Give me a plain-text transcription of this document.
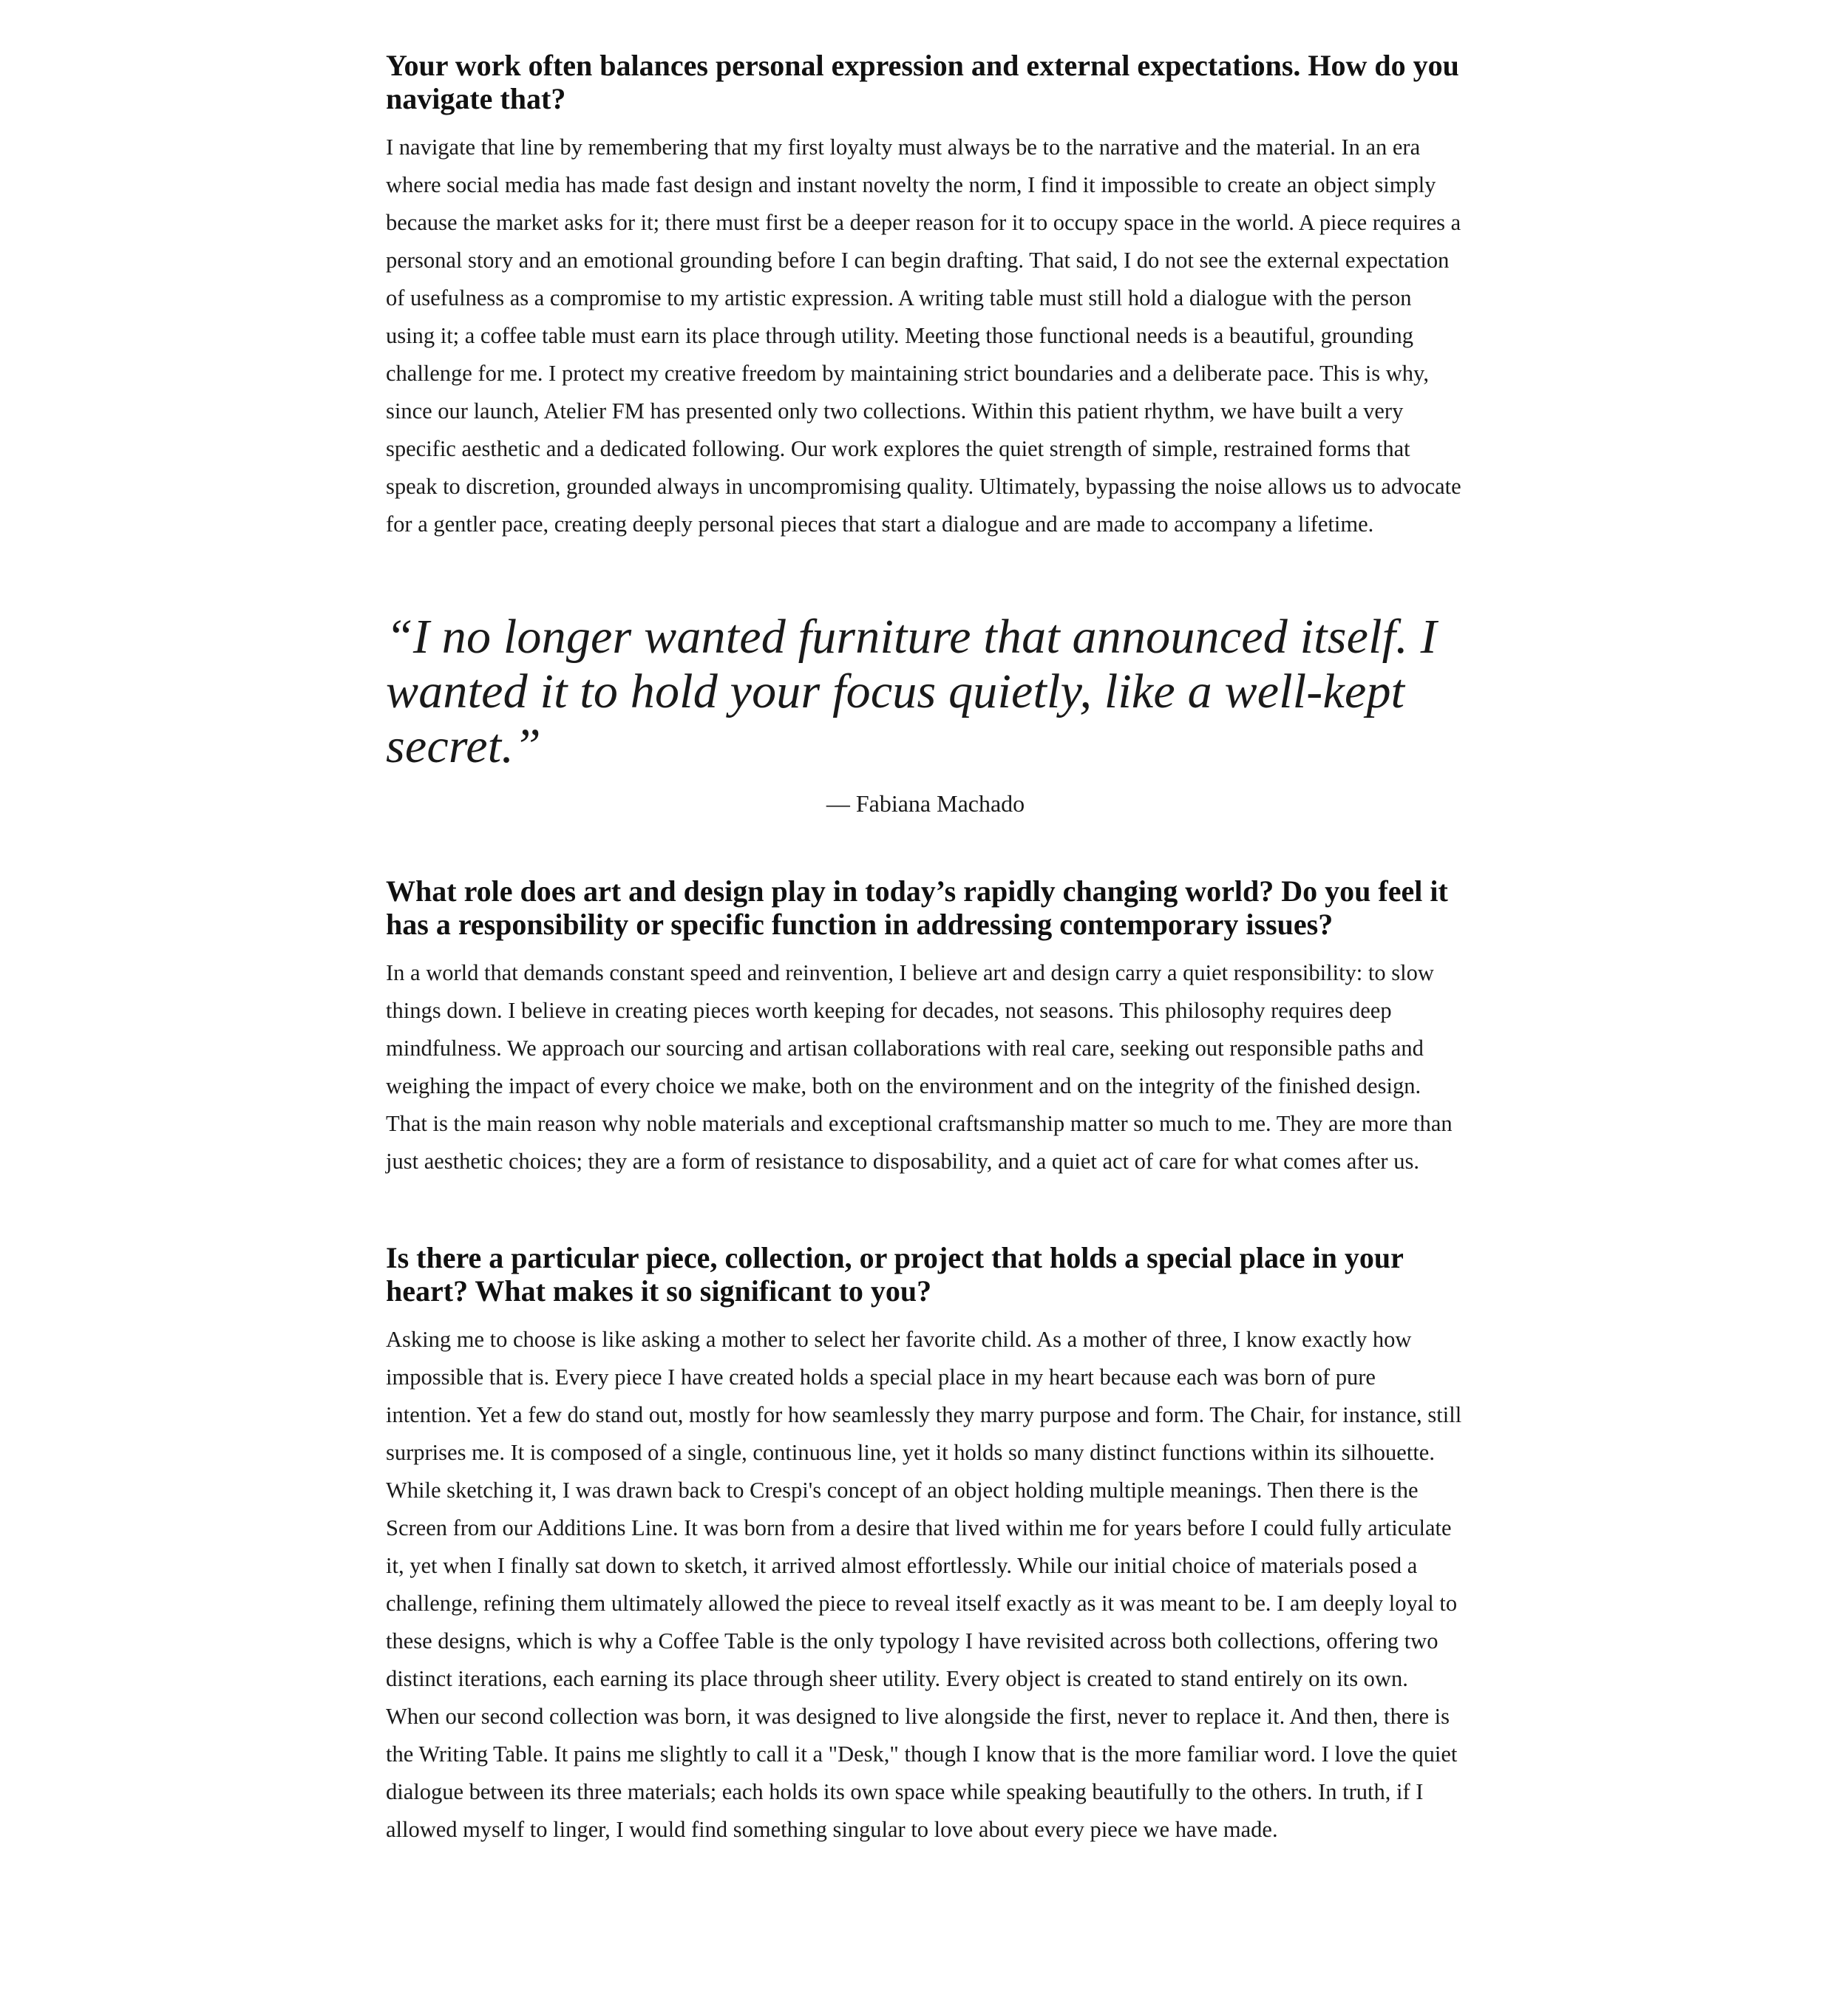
Your work often balances personal expression and external expectations. How do you navigate that?

I navigate that line by remembering that my first loyalty must always be to the narrative and the material. In an era where social media has made fast design and instant novelty the norm, I find it impossible to create an object simply because the market asks for it; there must first be a deeper reason for it to occupy space in the world. A piece requires a personal story and an emotional grounding before I can begin drafting. That said, I do not see the external expectation of usefulness as a compromise to my artistic expression. A writing table must still hold a dialogue with the person using it; a coffee table must earn its place through utility. Meeting those functional needs is a beautiful, grounding challenge for me. I protect my creative freedom by maintaining strict boundaries and a deliberate pace. This is why, since our launch, Atelier FM has presented only two collections. Within this patient rhythm, we have built a very specific aesthetic and a dedicated following. Our work explores the quiet strength of simple, restrained forms that speak to discretion, grounded always in uncompromising quality. Ultimately, bypassing the noise allows us to advocate for a gentler pace, creating deeply personal pieces that start a dialogue and are made to accompany a lifetime.

“I no longer wanted furniture that announced itself. I wanted it to hold your focus quietly, like a well-kept secret.”

— Fabiana Machado

What role does art and design play in today’s rapidly changing world? Do you feel it has a responsibility or specific function in addressing contemporary issues?

In a world that demands constant speed and reinvention, I believe art and design carry a quiet responsibility: to slow things down. I believe in creating pieces worth keeping for decades, not seasons. This philosophy requires deep mindfulness. We approach our sourcing and artisan collaborations with real care, seeking out responsible paths and weighing the impact of every choice we make, both on the environment and on the integrity of the finished design. That is the main reason why noble materials and exceptional craftsmanship matter so much to me. They are more than just aesthetic choices; they are a form of resistance to disposability, and a quiet act of care for what comes after us.

Is there a particular piece, collection, or project that holds a special place in your heart? What makes it so significant to you?

Asking me to choose is like asking a mother to select her favorite child. As a mother of three, I know exactly how impossible that is. Every piece I have created holds a special place in my heart because each was born of pure intention. Yet a few do stand out, mostly for how seamlessly they marry purpose and form. The Chair, for instance, still surprises me. It is composed of a single, continuous line, yet it holds so many distinct functions within its silhouette. While sketching it, I was drawn back to Crespi's concept of an object holding multiple meanings. Then there is the Screen from our Additions Line. It was born from a desire that lived within me for years before I could fully articulate it, yet when I finally sat down to sketch, it arrived almost effortlessly. While our initial choice of materials posed a challenge, refining them ultimately allowed the piece to reveal itself exactly as it was meant to be. I am deeply loyal to these designs, which is why a Coffee Table is the only typology I have revisited across both collections, offering two distinct iterations, each earning its place through sheer utility. Every object is created to stand entirely on its own. When our second collection was born, it was designed to live alongside the first, never to replace it. And then, there is the Writing Table. It pains me slightly to call it a "Desk," though I know that is the more familiar word. I love the quiet dialogue between its three materials; each holds its own space while speaking beautifully to the others. In truth, if I allowed myself to linger, I would find something singular to love about every piece we have made.
